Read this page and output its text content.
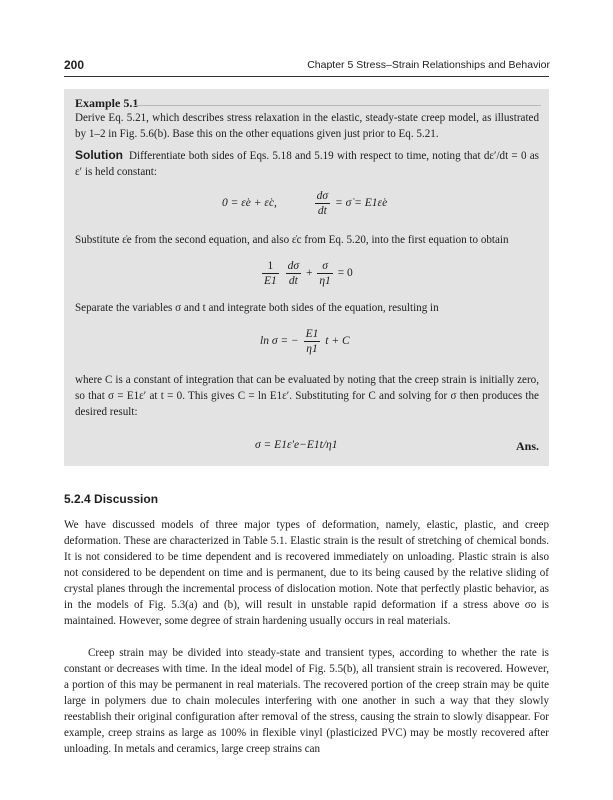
200	Chapter 5 Stress–Strain Relationships and Behavior
Example 5.1
Derive Eq. 5.21, which describes stress relaxation in the elastic, steady-state creep model, as illustrated by 1–2 in Fig. 5.6(b). Base this on the other equations given just prior to Eq. 5.21.
Solution Differentiate both sides of Eqs. 5.18 and 5.19 with respect to time, noting that dε′/dt = 0 as ε′ is held constant:
0 = ε̇e + ε̇c,	$\frac{d\sigma}{dt}$ = σ̇ = E1ε̇e
Substitute ε̇e from the second equation, and also ε̇c from Eq. 5.20, into the first equation to obtain
$\frac{1}{E1}$
$\frac{d\sigma}{dt} + \frac{\sigma}{\eta 1} = 0$
Separate the variables σ and t and integrate both sides of the equation, resulting in
ln σ = − $\frac{E1}{\eta 1}$ t + C
where C is a constant of integration that can be evaluated by noting that the creep strain is initially zero, so that σ = E1ε′ at t = 0. This gives C = ln E1ε′. Substituting for C and solving for σ then produces the desired result:
σ = E1ε′e−E1t/η1	Ans.
5.2.4 Discussion
We have discussed models of three major types of deformation, namely, elastic, plastic, and creep deformation. These are characterized in Table 5.1. Elastic strain is the result of stretching of chemical bonds. It is not considered to be time dependent and is recovered immediately on unloading. Plastic strain is also not considered to be dependent on time and is permanent, due to its being caused by the relative sliding of crystal planes through the incremental process of dislocation motion. Note that perfectly plastic behavior, as in the models of Fig. 5.3(a) and (b), will result in unstable rapid deformation if a stress above σo is maintained. However, some degree of strain hardening usually occurs in real materials.
Creep strain may be divided into steady-state and transient types, according to whether the rate is constant or decreases with time. In the ideal model of Fig. 5.5(b), all transient strain is recovered. However, a portion of this may be permanent in real materials. The recovered portion of the creep strain may be quite large in polymers due to chain molecules interfering with one another in such a way that they slowly reestablish their original configuration after removal of the stress, causing the strain to slowly disappear. For example, creep strains as large as 100% in flexible vinyl (plasticized PVC) may be mostly recovered after unloading. In metals and ceramics, large creep strains can
